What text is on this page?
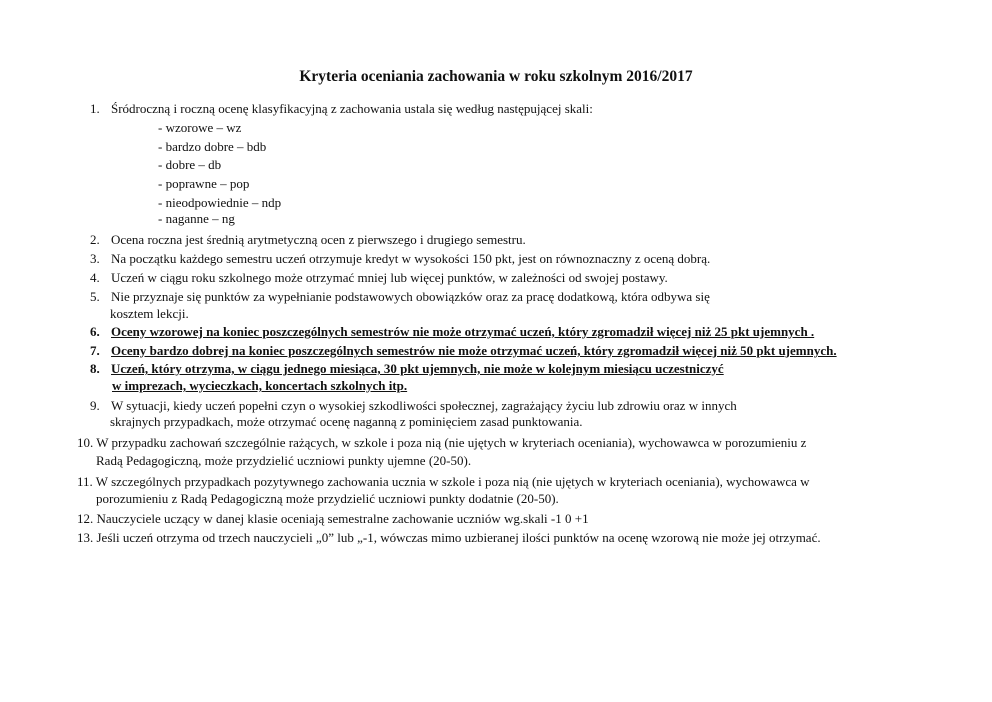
Kryteria oceniania zachowania w roku szkolnym 2016/2017
1. Śródroczną i roczną ocenę klasyfikacyjną z zachowania ustala się według następującej skali:
- wzorowe – wz
- bardzo dobre – bdb
- dobre – db
- poprawne – pop
- nieodpowiednie – ndp
- naganne – ng
2. Ocena roczna jest średnią arytmetyczną ocen z pierwszego i drugiego semestru.
3. Na początku każdego semestru uczeń otrzymuje kredyt w wysokości 150 pkt, jest on równoznaczny z oceną dobrą.
4. Uczeń w ciągu roku szkolnego może otrzymać mniej lub więcej punktów, w zależności od swojej postawy.
5. Nie przyznaje się punktów za wypełnianie podstawowych obowiązków oraz za pracę dodatkową, która odbywa się
kosztem lekcji.
6. Oceny wzorowej na koniec poszczególnych semestrów nie może otrzymać uczeń, który zgromadził więcej niż 25 pkt ujemnych .
7. Oceny bardzo dobrej na koniec poszczególnych semestrów nie może otrzymać uczeń, który zgromadził więcej niż 50 pkt ujemnych.
8. Uczeń, który otrzyma, w ciągu jednego miesiąca, 30 pkt ujemnych, nie może w kolejnym miesiącu uczestniczyć
w imprezach, wycieczkach, koncertach szkolnych itp.
9. W sytuacji, kiedy uczeń popełni czyn o wysokiej szkodliwości społecznej, zagrażający życiu lub zdrowiu oraz w innych
skrajnych przypadkach, może otrzymać ocenę naganną z pominięciem zasad punktowania.
10. W przypadku zachowań szczególnie rażących, w szkole i poza nią (nie ujętych w kryteriach oceniania), wychowawca w porozumieniu z
Radą Pedagogiczną, może przydzielić uczniowi punkty ujemne (20-50).
11. W szczególnych przypadkach pozytywnego zachowania ucznia w szkole i poza nią (nie ujętych w kryteriach oceniania), wychowawca w
porozumieniu z Radą Pedagogiczną może przydzielić uczniowi punkty dodatnie (20-50).
12. Nauczyciele uczący w danej klasie oceniają semestralne zachowanie uczniów wg.skali -1 0 +1
13. Jeśli uczeń otrzyma od trzech nauczycieli „0” lub „-1, wówczas mimo uzbieranej ilości punktów na ocenę wzorową nie może jej otrzymać.
